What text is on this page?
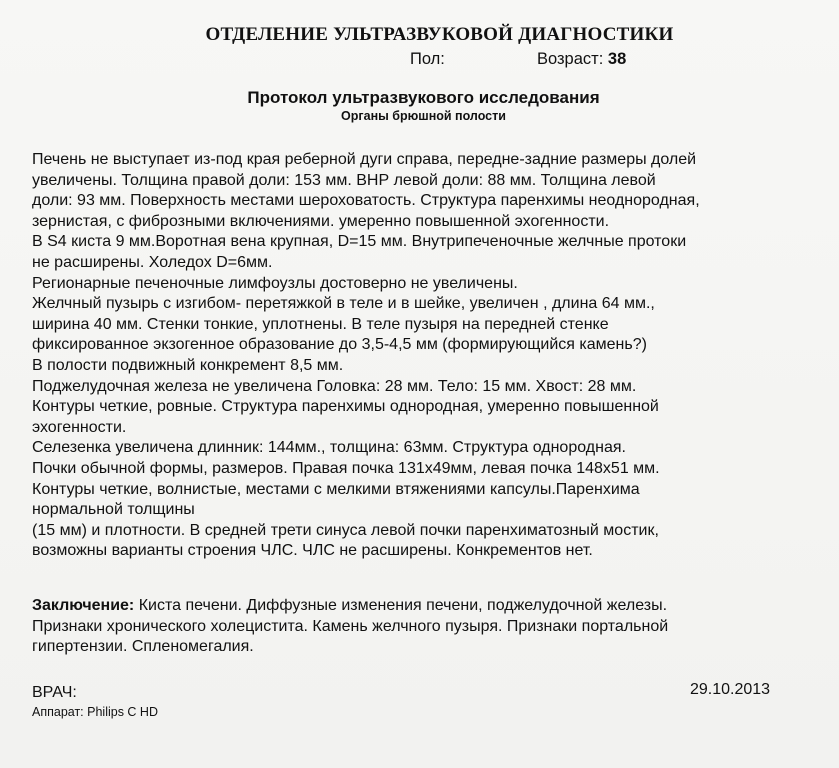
ОТДЕЛЕНИЕ УЛЬТРАЗВУКОВОЙ ДИАГНОСТИКИ
Пол:	Возраст: 38
Протокол ультразвукового исследования
Органы брюшной полости
Печень не выступает из-под края реберной дуги справа, передне-задние размеры долей
увеличены. Толщина правой доли: 153 мм. ВНР левой доли: 88 мм. Толщина левой
доли: 93 мм. Поверхность местами шероховатость. Структура паренхимы неоднородная,
зернистая, с фиброзными включениями. умеренно повышенной эхогенности.
В S4 киста 9 мм.Воротная вена крупная, D=15 мм. Внутрипеченочные желчные протоки
не расширены. Холедох D=6мм.
Регионарные печеночные лимфоузлы достоверно не увеличены.
Желчный пузырь с изгибом- перетяжкой в теле и в шейке, увеличен , длина 64 мм.,
ширина 40 мм. Стенки тонкие, уплотнены. В теле пузыря на передней стенке
фиксированное экзогенное образование до 3,5-4,5 мм (формирующийся камень?)
В полости подвижный конкремент 8,5 мм.
Поджелудочная железа не увеличена Головка: 28 мм. Тело: 15 мм. Хвост: 28 мм.
Контуры четкие, ровные. Структура паренхимы однородная, умеренно повышенной
эхогенности.
Селезенка увеличена длинник: 144мм., толщина: 63мм. Структура однородная.
Почки обычной формы, размеров. Правая почка 131х49мм, левая почка 148х51 мм.
Контуры четкие, волнистые, местами с мелкими втяжениями капсулы.Паренхима
нормальной толщины
(15 мм) и плотности. В средней трети синуса левой почки паренхиматозный мостик,
возможны варианты строения ЧЛС. ЧЛС не расширены. Конкрементов нет.
Заключение: Киста печени. Диффузные изменения печени, поджелудочной железы.
Признаки хронического холецистита. Камень желчного пузыря. Признаки портальной
гипертензии. Спленомегалия.
ВРАЧ:	29.10.2013
Аппарат: Philips C HD
